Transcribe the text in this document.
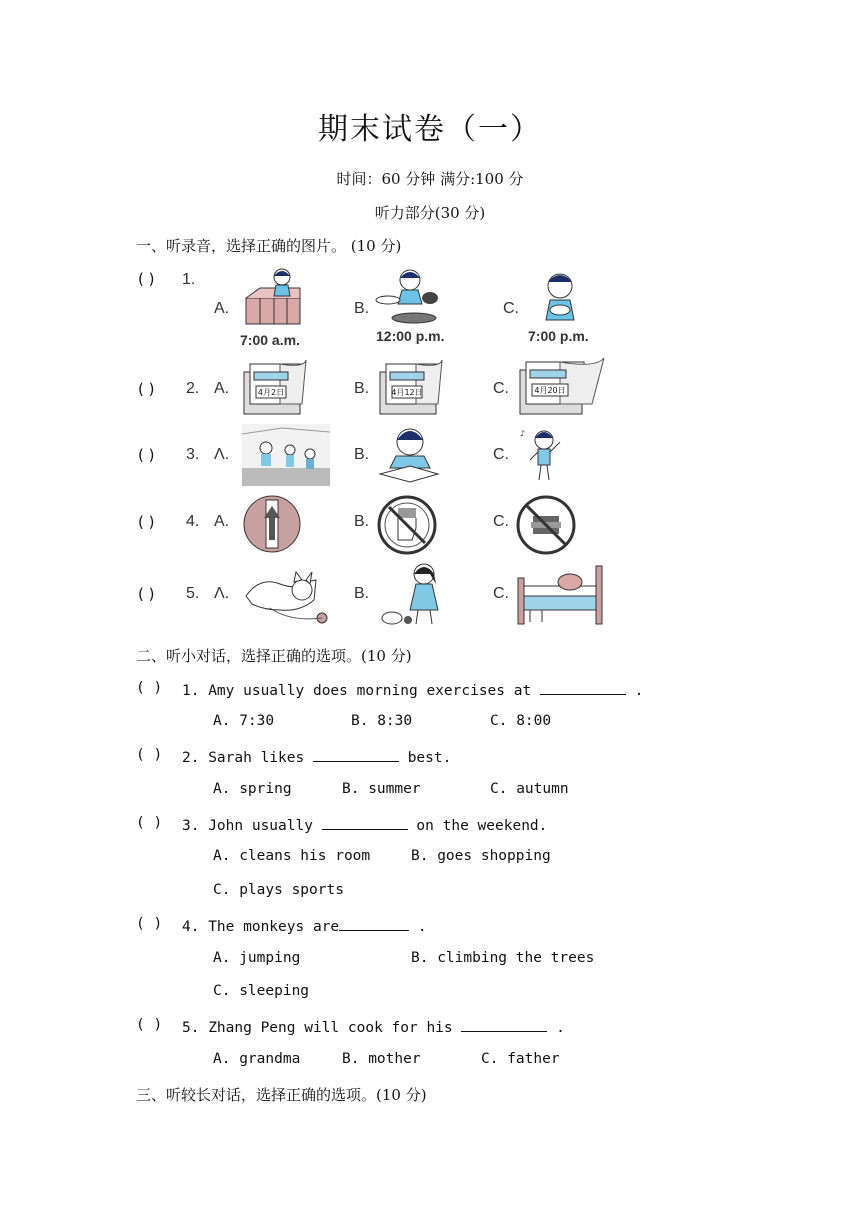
期末试卷（一）
时间：60 分钟 满分:100 分
听力部分(30 分)
一、听录音，选择正确的图片。 (10 分)
( ) 1.
A.
7:00 a.m.
B.
12:00 p.m.
C.
7:00 p.m.
( ) 2. A.	4月2日	B.	4月12日	C.	4月20日
( ) 3. Λ.	B.	C.
♪
( ) 4. A.	B.	C.
( ) 5. Λ.	B.	C.
二、听小对话，选择正确的选项。(10 分)
( ) 1. Amy usually does morning exercises at	.
A. 7:30	B. 8:30	C. 8:00
( ) 2. Sarah likes	best.
A. spring	B. summer	C. autumn
( ) 3. John usually	on the weekend.
A. cleans his room	B. goes shopping
C. plays sports
( ) 4. The monkeys are	.
A. jumping	B. climbing the trees
C. sleeping
( ) 5. Zhang Peng will cook for his	.
A. grandma	B. mother	C. father
三、听较长对话，选择正确的选项。(10 分)
